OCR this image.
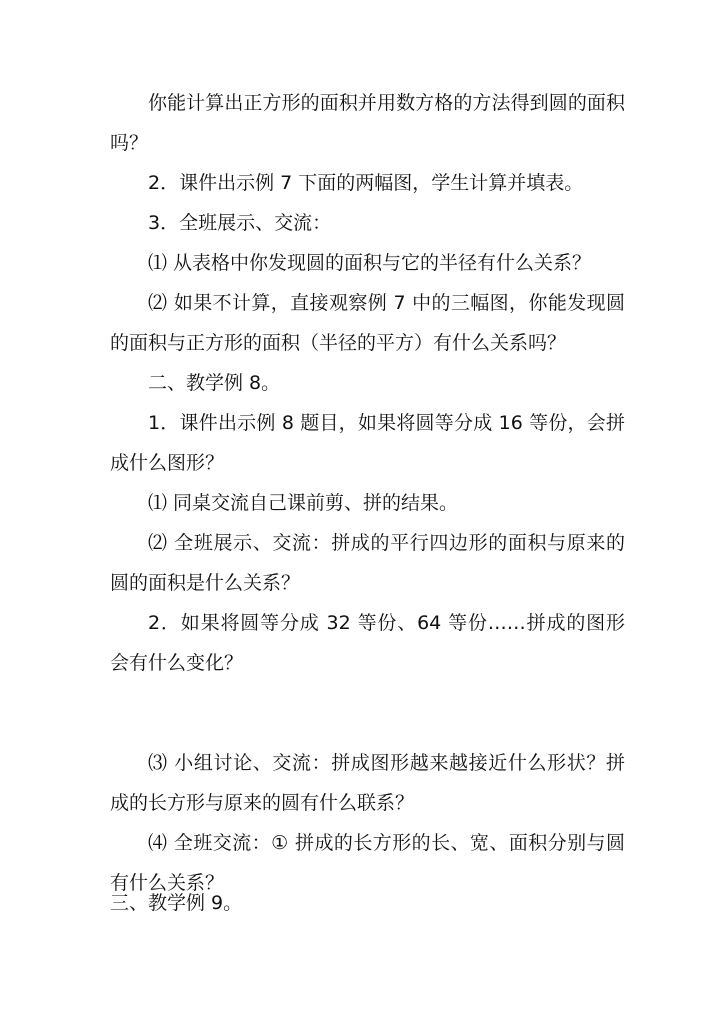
你能计算出正方形的面积并用数方格的方法得到圆的面积吗？

2．课件出示例 7 下面的两幅图，学生计算并填表。

3．全班展示、交流：

⑴ 从表格中你发现圆的面积与它的半径有什么关系？

⑵ 如果不计算，直接观察例 7 中的三幅图，你能发现圆的面积与正方形的面积（半径的平方）有什么关系吗？

二、教学例 8。

1．课件出示例 8 题目，如果将圆等分成 16 等份，会拼成什么图形？

⑴ 同桌交流自己课前剪、拼的结果。

⑵ 全班展示、交流：拼成的平行四边形的面积与原来的圆的面积是什么关系？

2．如果将圆等分成 32 等份、64 等份……拼成的图形会有什么变化？

⑶ 小组讨论、交流：拼成图形越来越接近什么形状？拼成的长方形与原来的圆有什么联系？

⑷ 全班交流：① 拼成的长方形的长、宽、面积分别与圆有什么关系？

三、教学例 9。
